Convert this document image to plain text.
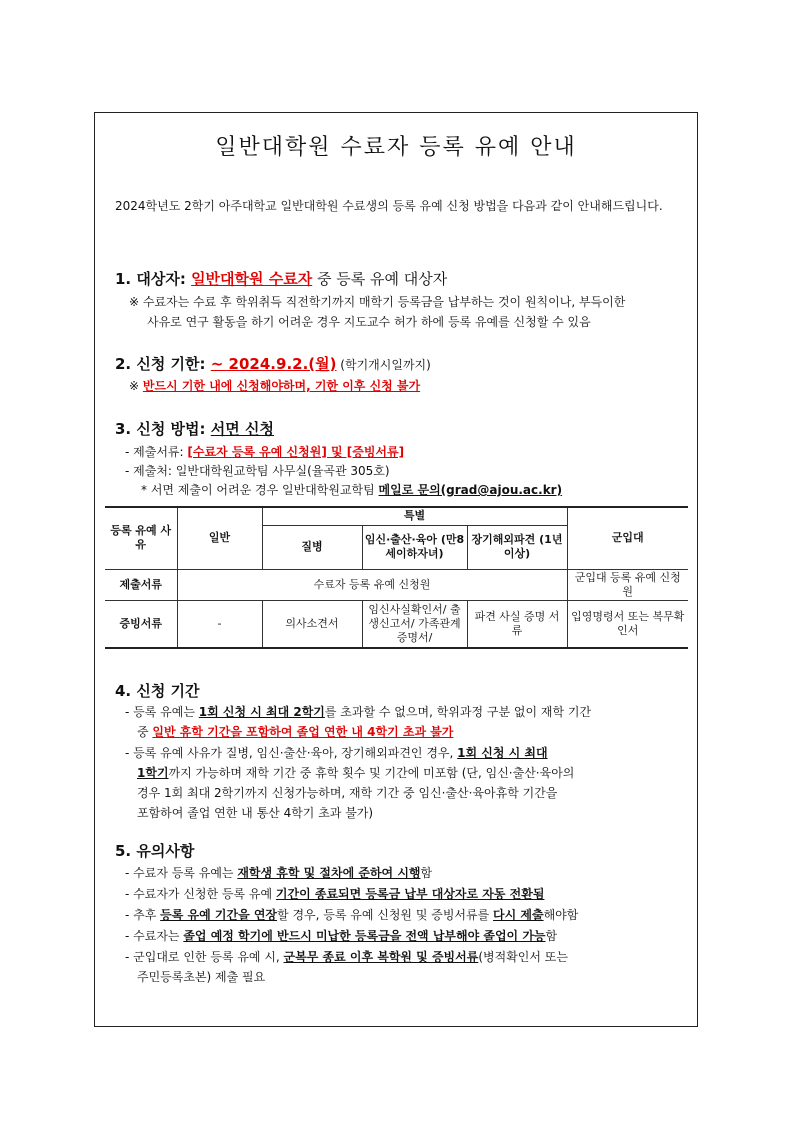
일반대학원 수료자 등록 유예 안내
2024학년도 2학기 아주대학교 일반대학원 수료생의 등록 유예 신청 방법을 다음과 같이 안내해드립니다.
1. 대상자: 일반대학원 수료자 중 등록 유예 대상자
※ 수료자는 수료 후 학위취득 직전학기까지 매학기 등록금을 납부하는 것이 원칙이나, 부득이한
사유로 연구 활동을 하기 어려운 경우 지도교수 허가 하에 등록 유예를 신청할 수 있음
2. 신청 기한: ~ 2024.9.2.(월) (학기개시일까지)
※ 반드시 기한 내에 신청해야하며, 기한 이후 신청 불가
3. 신청 방법: 서면 신청
- 제출서류: [수료자 등록 유예 신청원] 및 [증빙서류]
- 제출처: 일반대학원교학팀 사무실(율곡관 305호)
* 서면 제출이 어려운 경우 일반대학원교학팀 메일로 문의(grad@ajou.ac.kr)
등록 유예 사유	일반	특별			군입대
		질병	임신·출산·육아 (만8세이하자녀)	장기해외파견 (1년이상)	

제출서류	수료자 등록 유예 신청원				군입대 등록 유예 신청원
증빙서류	-	의사소견서	임신사실확인서/ 출생신고서/ 가족관계증명서/	파견 사실 증명 서류	입영명령서 또는 복무확인서
4. 신청 기간
- 등록 유예는 1회 신청 시 최대 2학기를 초과할 수 없으며, 학위과정 구분 없이 재학 기간
중 일반 휴학 기간을 포함하여 졸업 연한 내 4학기 초과 불가
- 등록 유예 사유가 질병, 임신·출산·육아, 장기해외파견인 경우, 1회 신청 시 최대
1학기까지 가능하며 재학 기간 중 휴학 횟수 및 기간에 미포함 (단, 임신·출산·육아의
경우 1회 최대 2학기까지 신청가능하며, 재학 기간 중 임신·출산·육아휴학 기간을
포함하여 졸업 연한 내 통산 4학기 초과 불가)
5. 유의사항
- 수료자 등록 유예는 재학생 휴학 및 절차에 준하여 시행함
- 수료자가 신청한 등록 유예 기간이 종료되면 등록금 납부 대상자로 자동 전환됨
- 추후 등록 유예 기간을 연장할 경우, 등록 유예 신청원 및 증빙서류를 다시 제출해야함
- 수료자는 졸업 예정 학기에 반드시 미납한 등록금을 전액 납부해야 졸업이 가능함
- 군입대로 인한 등록 유예 시, 군복무 종료 이후 복학원 및 증빙서류(병적확인서 또는
주민등록초본) 제출 필요
